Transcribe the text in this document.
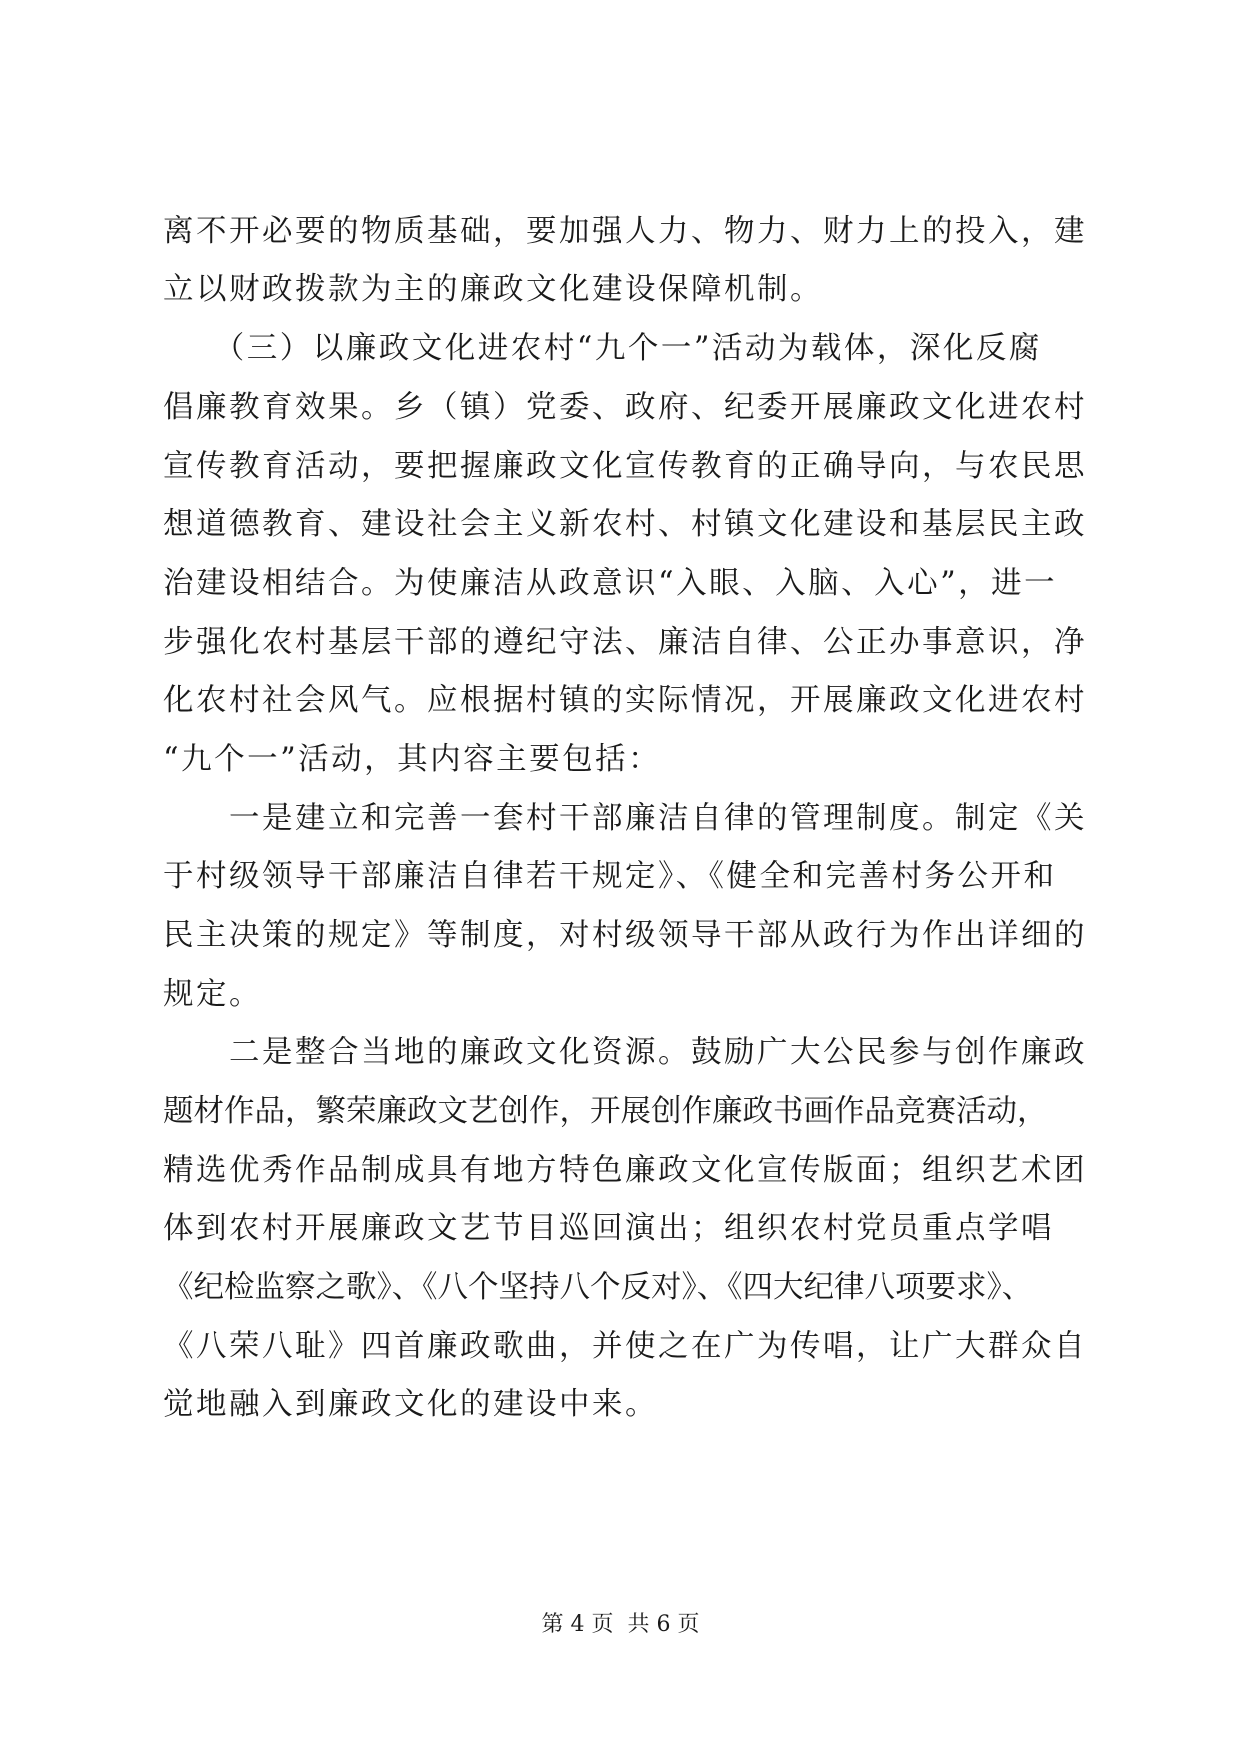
离不开必要的物质基础，要加强人力、物力、财力上的投入，建
立以财政拨款为主的廉政文化建设保障机制。
　　（三）以廉政文化进农村“九个一”活动为载体，深化反腐
倡廉教育效果。乡（镇）党委、政府、纪委开展廉政文化进农村
宣传教育活动，要把握廉政文化宣传教育的正确导向，与农民思
想道德教育、建设社会主义新农村、村镇文化建设和基层民主政
治建设相结合。为使廉洁从政意识“入眼、入脑、入心”，进一
步强化农村基层干部的遵纪守法、廉洁自律、公正办事意识，净
化农村社会风气。应根据村镇的实际情况，开展廉政文化进农村
“九个一”活动，其内容主要包括：
　　一是建立和完善一套村干部廉洁自律的管理制度。制定《关
于村级领导干部廉洁自律若干规定》、《健全和完善村务公开和
民主决策的规定》等制度，对村级领导干部从政行为作出详细的
规定。
　　二是整合当地的廉政文化资源。鼓励广大公民参与创作廉政
题材作品，繁荣廉政文艺创作，开展创作廉政书画作品竞赛活动，
精选优秀作品制成具有地方特色廉政文化宣传版面；组织艺术团
体到农村开展廉政文艺节目巡回演出；组织农村党员重点学唱
《纪检监察之歌》、《八个坚持八个反对》、《四大纪律八项要求》、
《八荣八耻》四首廉政歌曲，并使之在广为传唱，让广大群众自
觉地融入到廉政文化的建设中来。
第 4 页  共 6 页
